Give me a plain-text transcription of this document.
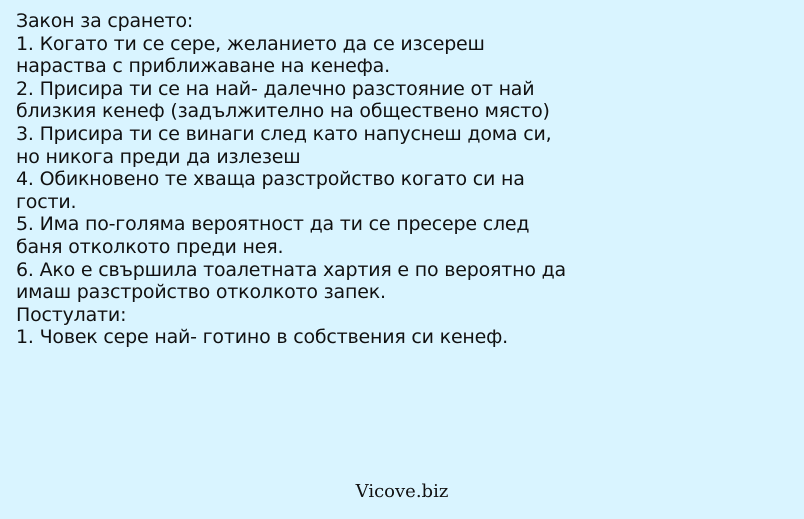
Закон за сранeтo:

1. Когато ти се сере, желанието да се изсереш нараства с приближаване на кенефа.

2. Присира ти се на най- далечно разстояние от най близкия кенеф (задължително на обществено място)

3. Присира ти се винаги след като напуснеш дома си, но никога преди да излезеш

4. Обикновено те хваща разстройство когато си на гости.

5. Има по-голяма вероятност да ти се пресере след баня отколкото преди нея.

6. Ако е свършила тоалетната хартия е по вероятно да имаш разстройство отколкото запек.

Постулати:

1. Човек сере най- готино в собствения си кенеф.

Vicove.biz
